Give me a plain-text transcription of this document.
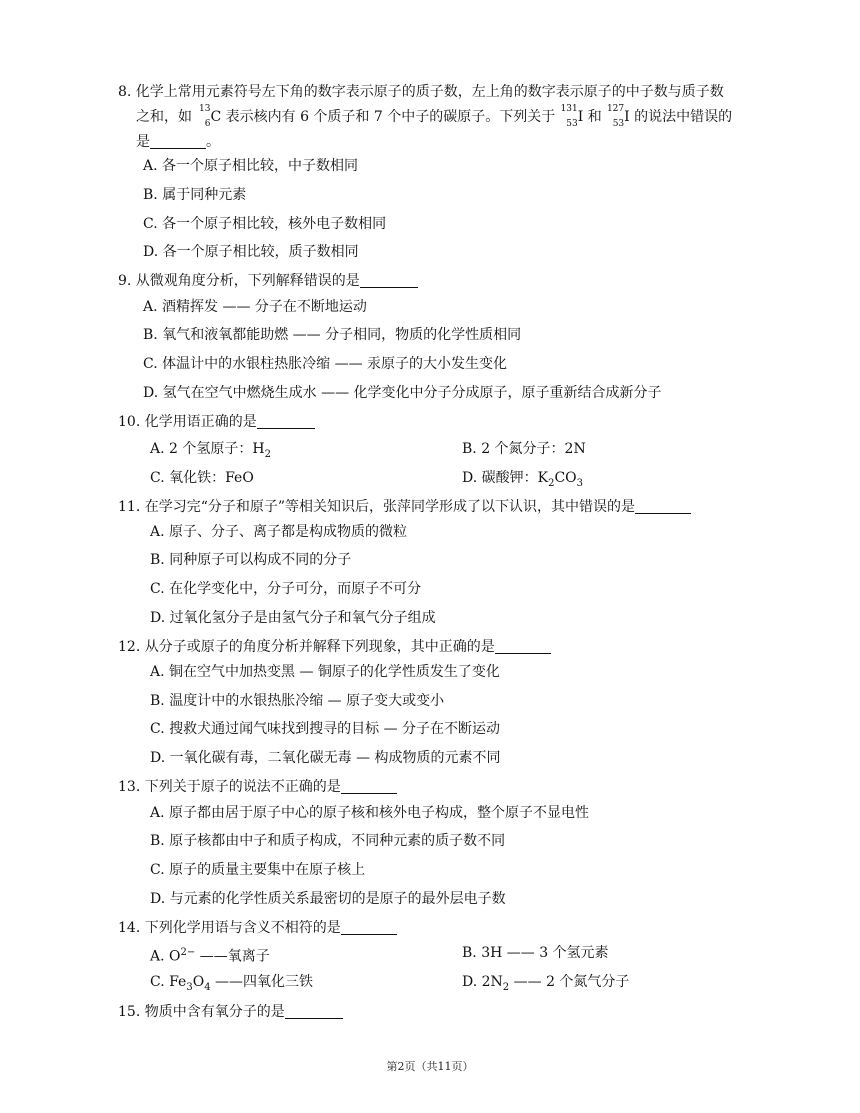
8. 化学上常用元素符号左下角的数字表示原子的质子数，左上角的数字表示原子的中子数与质子数
之和，如 13
6 C 表示核内有 6 个质子和 7 个中子的碳原子。下列关于 131
53 I 和 127
53 I 的说法中错误的
是	。
A. 各一个原子相比较，中子数相同
B. 属于同种元素
C. 各一个原子相比较，核外电子数相同
D. 各一个原子相比较，质子数相同
9. 从微观角度分析，下列解释错误的是
A. 酒精挥发 —— 分子在不断地运动
B. 氧气和液氧都能助燃 —— 分子相同，物质的化学性质相同
C. 体温计中的水银柱热胀冷缩 —— 汞原子的大小发生变化
D. 氢气在空气中燃烧生成水 —— 化学变化中分子分成原子，原子重新结合成新分子
10. 化学用语正确的是
A. 2 个氢原子：$H_2$	B. 2 个氮分子：2N
C. 氧化铁：FeO	D. 碳酸钾：$K_2CO_3$
11. 在学习完“分子和原子”等相关知识后，张萍同学形成了以下认识，其中错误的是
A. 原子、分子、离子都是构成物质的微粒
B. 同种原子可以构成不同的分子
C. 在化学变化中，分子可分，而原子不可分
D. 过氧化氢分子是由氢气分子和氧气分子组成
12. 从分子或原子的角度分析并解释下列现象，其中正确的是
A. 铜在空气中加热变黑 — 铜原子的化学性质发生了变化
B. 温度计中的水银热胀冷缩 — 原子变大或变小
C. 搜救犬通过闻气味找到搜寻的目标 — 分子在不断运动
D. 一氧化碳有毒，二氧化碳无毒 — 构成物质的元素不同
13. 下列关于原子的说法不正确的是
A. 原子都由居于原子中心的原子核和核外电子构成，整个原子不显电性
B. 原子核都由中子和质子构成，不同种元素的质子数不同
C. 原子的质量主要集中在原子核上
D. 与元素的化学性质关系最密切的是原子的最外层电子数
14. 下列化学用语与含义不相符的是
A. $O^{2-}$ ——氧离子	B. 3H —— 3 个氢元素
C. $Fe_3O_4$ ——四氧化三铁	D. $2N_2$ —— 2 个氮气分子
15. 物质中含有氧分子的是
第2页（共11页）
